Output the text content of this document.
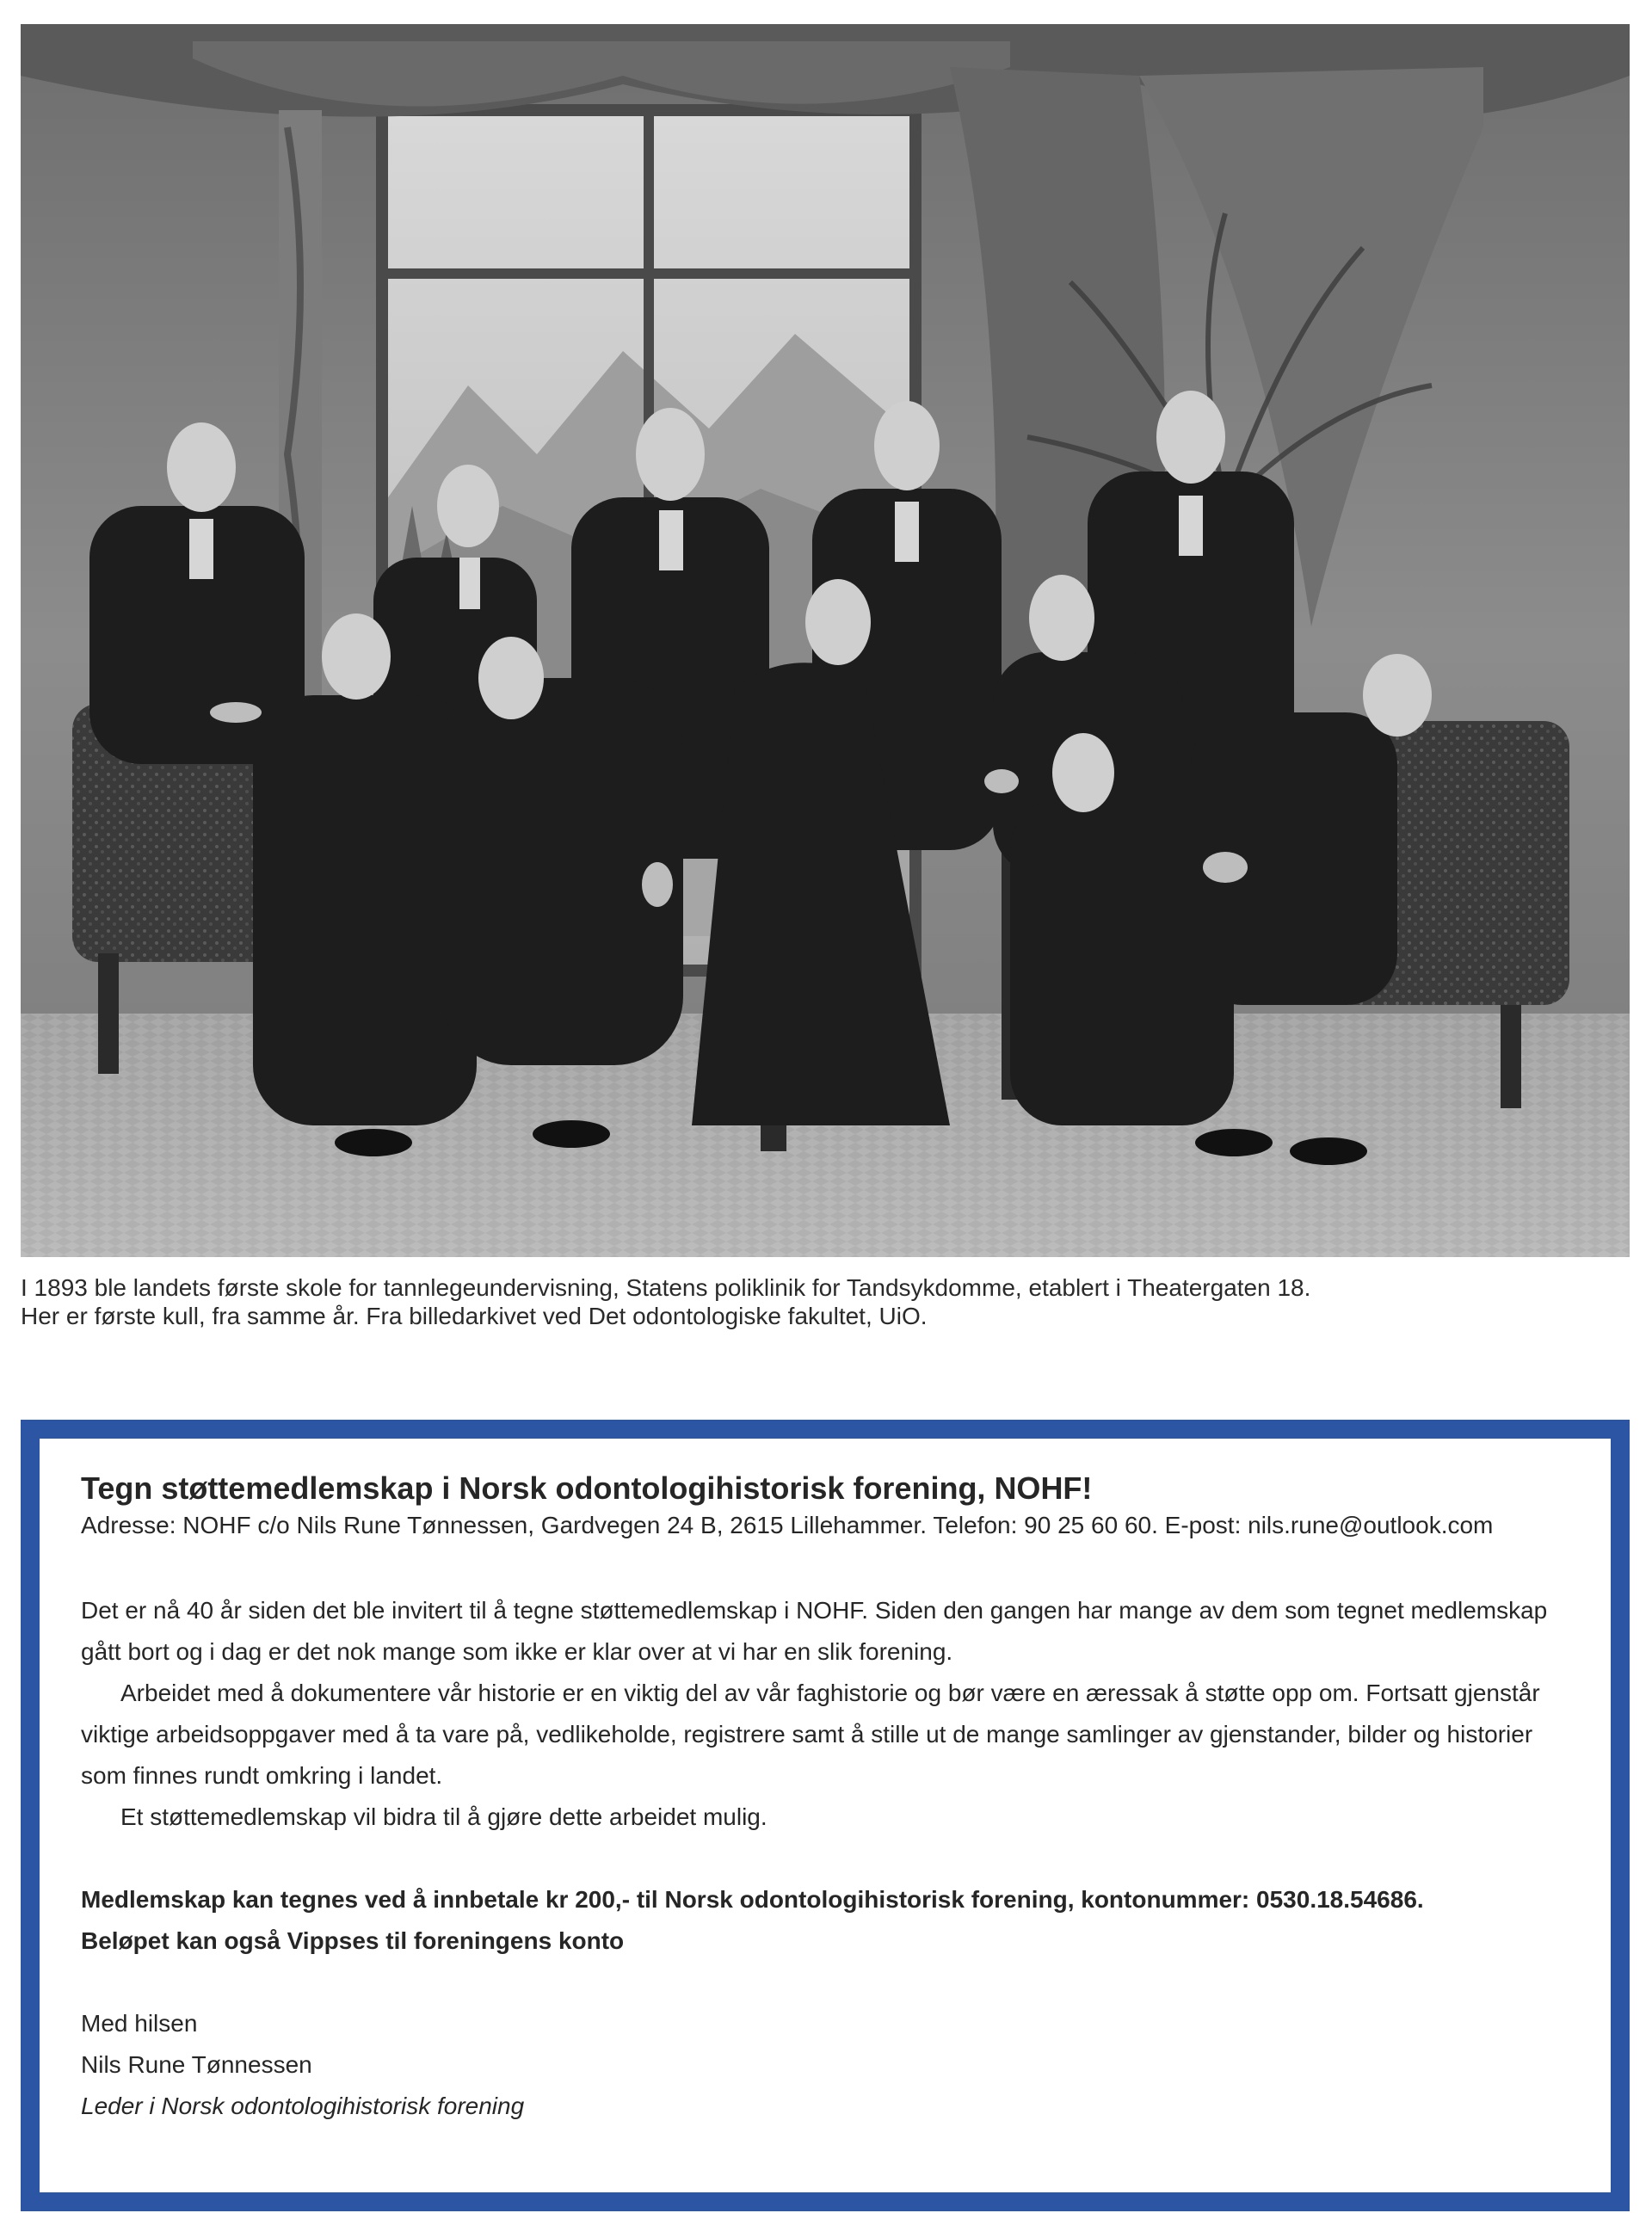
I 1893 ble landets første skole for tannlegeundervisning, Statens poliklinik for Tandsykdomme, etablert i Theatergaten 18.
Her er første kull, fra samme år. Fra billedarkivet ved Det odontologiske fakultet, UiO.
Tegn støttemedlemskap i Norsk odontologihistorisk forening, NOHF!

Adresse: NOHF c/o Nils Rune Tønnessen, Gardvegen 24 B, 2615 Lillehammer. Telefon: 90 25 60 60. E-post: nils.rune@outlook.com

Det er nå 40 år siden det ble invitert til å tegne støttemedlemskap i NOHF. Siden den gangen har mange av dem som tegnet medlemskap gått bort og i dag er det nok mange som ikke er klar over at vi har en slik forening.

Arbeidet med å dokumentere vår historie er en viktig del av vår faghistorie og bør være en æressak å støtte opp om. Fortsatt gjenstår viktige arbeidsoppgaver med å ta vare på, vedlikeholde, registrere samt å stille ut de mange samlinger av gjenstander, bilder og historier som finnes rundt omkring i landet.

Et støttemedlemskap vil bidra til å gjøre dette arbeidet mulig.

Medlemskap kan tegnes ved å innbetale kr 200,- til Norsk odontologihistorisk forening, kontonummer: 0530.18.54686.

Beløpet kan også Vippses til foreningens konto

Med hilsen

Nils Rune Tønnessen

Leder i Norsk odontologihistorisk forening
